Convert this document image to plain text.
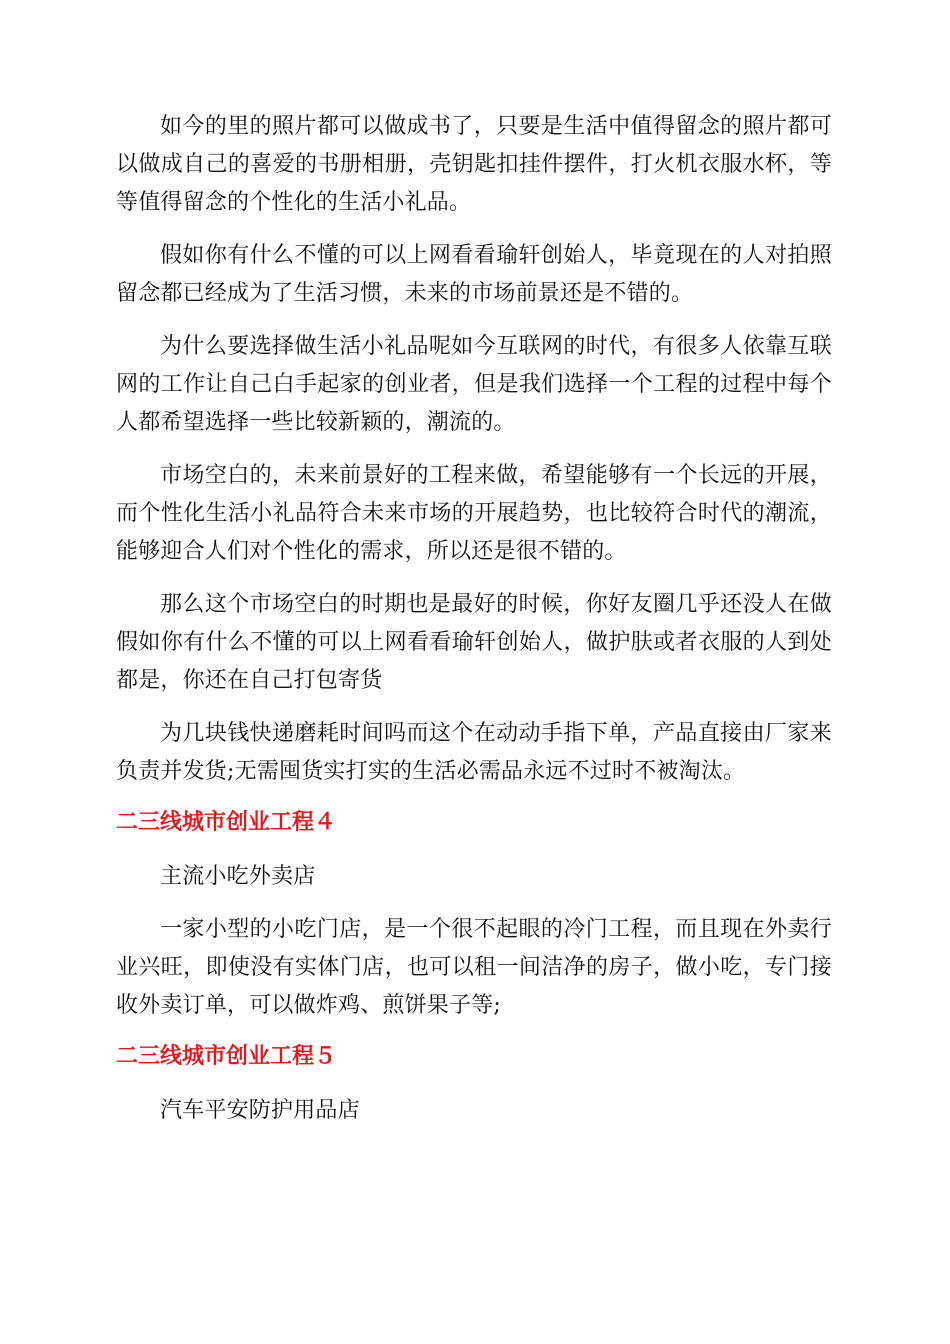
如今的里的照片都可以做成书了，只要是生活中值得留念的照片都可以做成自己的喜爱的书册相册，壳钥匙扣挂件摆件，打火机衣服水杯，等等值得留念的个性化的生活小礼品。

假如你有什么不懂的可以上网看看瑜轩创始人，毕竟现在的人对拍照留念都已经成为了生活习惯，未来的市场前景还是不错的。

为什么要选择做生活小礼品呢如今互联网的时代，有很多人依靠互联网的工作让自己白手起家的创业者，但是我们选择一个工程的过程中每个人都希望选择一些比较新颖的，潮流的。

市场空白的，未来前景好的工程来做，希望能够有一个长远的开展，而个性化生活小礼品符合未来市场的开展趋势，也比较符合时代的潮流，能够迎合人们对个性化的需求，所以还是很不错的。

那么这个市场空白的时期也是最好的时候，你好友圈几乎还没人在做假如你有什么不懂的可以上网看看瑜轩创始人，做护肤或者衣服的人到处都是，你还在自己打包寄货

为几块钱快递磨耗时间吗而这个在动动手指下单，产品直接由厂家来负责并发货;无需囤货实打实的生活必需品永远不过时不被淘汰。

二三线城市创业工程４

主流小吃外卖店

一家小型的小吃门店，是一个很不起眼的冷门工程，而且现在外卖行业兴旺，即使没有实体门店，也可以租一间洁净的房子，做小吃，专门接收外卖订单，可以做炸鸡、煎饼果子等;

二三线城市创业工程５

汽车平安防护用品店
